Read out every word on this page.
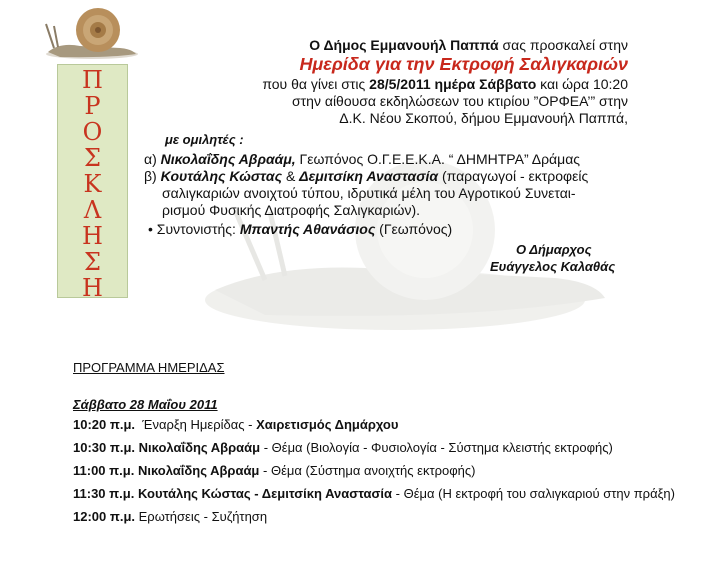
Π
Ρ
Ο
Σ
Κ
Λ
Η
Σ
Η
Ο Δήμος Εμμανουήλ Παππά σας προσκαλεί στην
Ημερίδα για την Εκτροφή Σαλιγκαριών
που θα γίνει στις 28/5/2011 ημέρα Σάββατο και ώρα 10:20
στην αίθουσα εκδηλώσεων του κτιρίου ”ΟΡΦΕΑ’” στην
Δ.Κ. Νέου Σκοπού, δήμου Εμμανουήλ Παππά,
με ομιλητές :
α) Νικολαΐδης Αβραάμ, Γεωπόνος Ο.Γ.Ε.Ε.Κ.Α. “ ΔΗΜΗΤΡΑ” Δράμας
β) Κουτάλης Κώστας & Δεμιτσίκη Αναστασία (παραγωγοί - εκτροφείς
σαλιγκαριών ανοιχτού τύπου, ιδρυτικά μέλη του Αγροτικού Συνεται-
ρισμού Φυσικής Διατροφής Σαλιγκαριών).
• Συντονιστής: Μπαντής Αθανάσιος (Γεωπόνος)
Ο Δήμαρχος
Ευάγγελος Καλαθάς
ΠΡΟΓΡΑΜΜΑ ΗΜΕΡΙΔΑΣ
Σάββατο 28 Μαΐου 2011
10:20 π.μ. Έναρξη Ημερίδας - Χαιρετισμός Δημάρχου
10:30 π.μ. Νικολαΐδης Αβραάμ - Θέμα (Βιολογία - Φυσιολογία - Σύστημα κλειστής εκτροφής)
11:00 π.μ. Νικολαΐδης Αβραάμ - Θέμα (Σύστημα ανοιχτής εκτροφής)
11:30 π.μ. Κουτάλης Κώστας - Δεμιτσίκη Αναστασία - Θέμα (Η εκτροφή του σαλιγκαριού στην πράξη)
12:00 π.μ. Ερωτήσεις - Συζήτηση
